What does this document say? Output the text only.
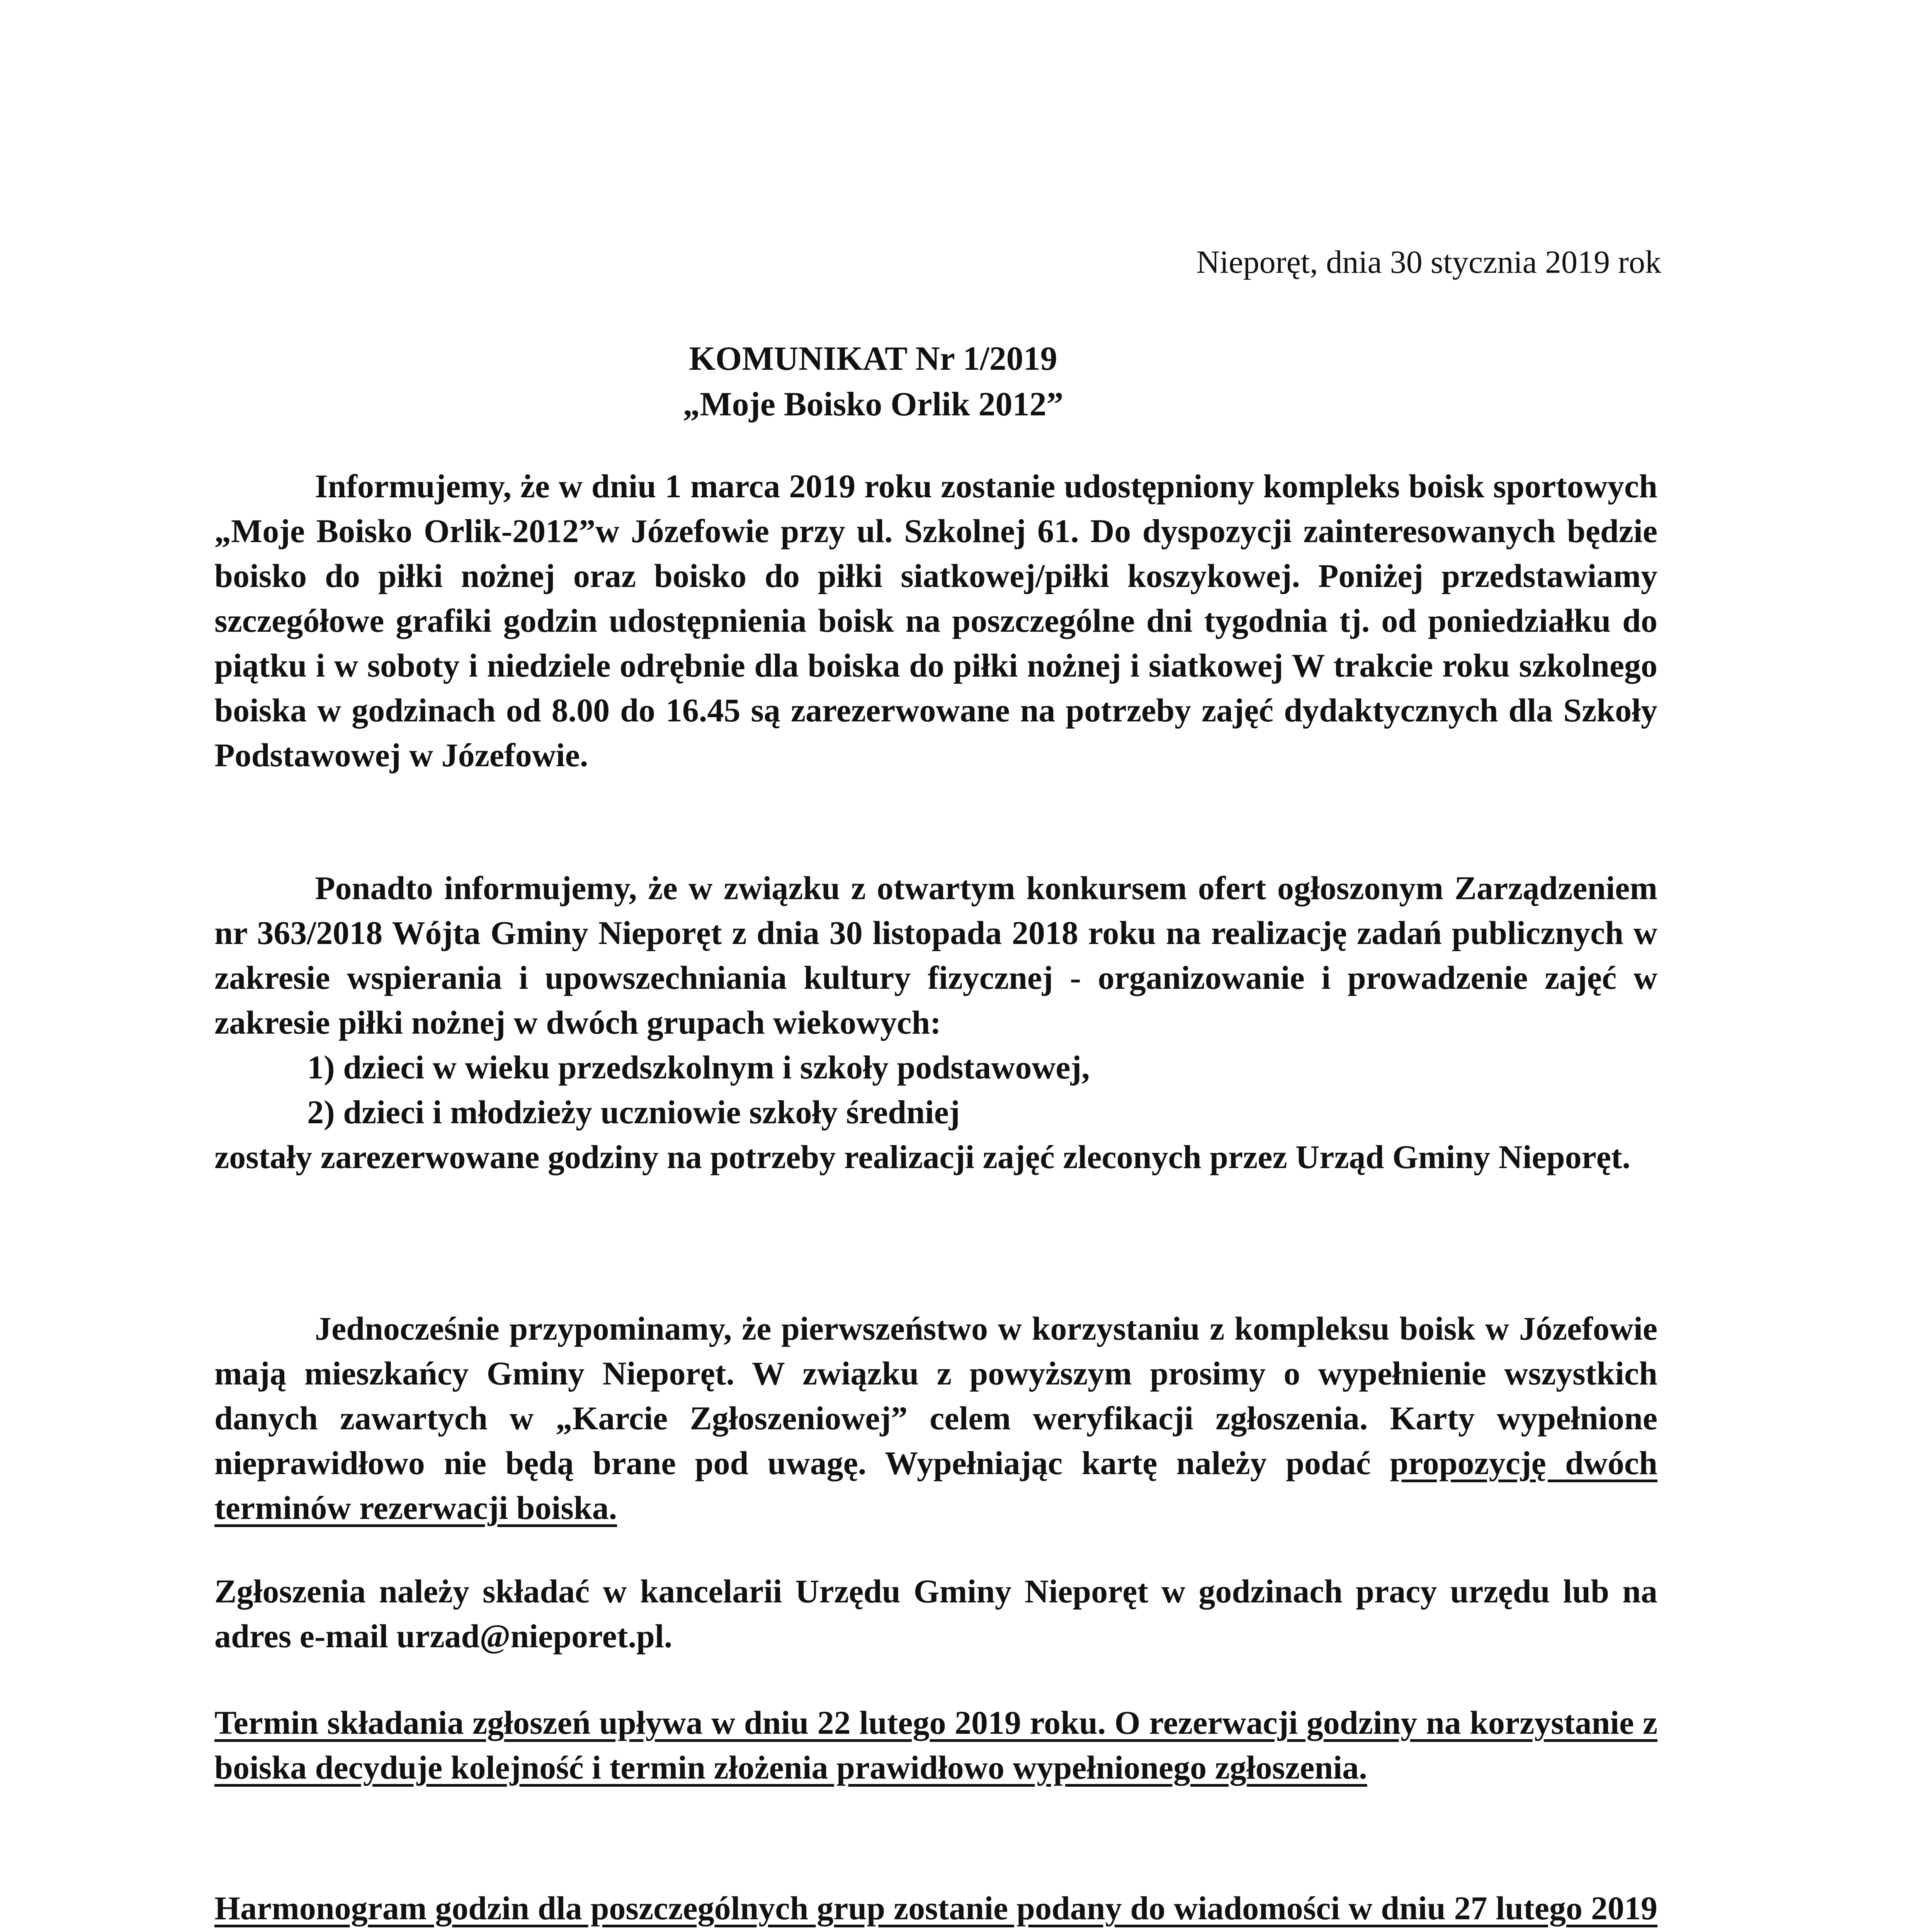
Nieporęt, dnia 30 stycznia 2019 rok
KOMUNIKAT Nr 1/2019
„Moje Boisko Orlik 2012”
Informujemy, że w dniu 1 marca 2019 roku zostanie udostępniony kompleks boisk sportowych „Moje Boisko Orlik-2012”w Józefowie przy ul. Szkolnej 61. Do dyspozycji zainteresowanych będzie boisko do piłki nożnej oraz boisko do piłki siatkowej/piłki koszykowej. Poniżej przedstawiamy szczegółowe grafiki godzin udostępnienia boisk na poszczególne dni tygodnia tj. od poniedziałku do piątku i w soboty i niedziele odrębnie dla boiska do piłki nożnej i siatkowej W trakcie roku szkolnego boiska w godzinach od 8.00 do 16.45 są zarezerwowane na potrzeby zajęć dydaktycznych dla Szkoły Podstawowej w Józefowie.
Ponadto informujemy, że w związku z otwartym konkursem ofert ogłoszonym Zarządzeniem nr 363/2018 Wójta Gminy Nieporęt z dnia 30 listopada 2018 roku na realizację zadań publicznych w zakresie wspierania i upowszechniania kultury fizycznej - organizowanie i prowadzenie zajęć w zakresie piłki nożnej w dwóch grupach wiekowych:
1) dzieci w wieku przedszkolnym i szkoły podstawowej,
2) dzieci i młodzieży uczniowie szkoły średniej
zostały zarezerwowane godziny na potrzeby realizacji zajęć zleconych przez Urząd Gminy Nieporęt.
Jednocześnie przypominamy, że pierwszeństwo w korzystaniu z kompleksu boisk w Józefowie mają mieszkańcy Gminy Nieporęt. W związku z powyższym prosimy o wypełnienie wszystkich danych zawartych w „Karcie Zgłoszeniowej” celem weryfikacji zgłoszenia. Karty wypełnione nieprawidłowo nie będą brane pod uwagę. Wypełniając kartę należy podać propozycję dwóch terminów rezerwacji boiska.
Zgłoszenia należy składać w kancelarii Urzędu Gminy Nieporęt w godzinach pracy urzędu lub na adres e-mail urzad@nieporet.pl.
Termin składania zgłoszeń upływa w dniu 22 lutego 2019 roku. O rezerwacji godziny na korzystanie z boiska decyduje kolejność i termin złożenia prawidłowo wypełnionego zgłoszenia.
Harmonogram godzin dla poszczególnych grup zostanie podany do wiadomości w dniu 27 lutego 2019
